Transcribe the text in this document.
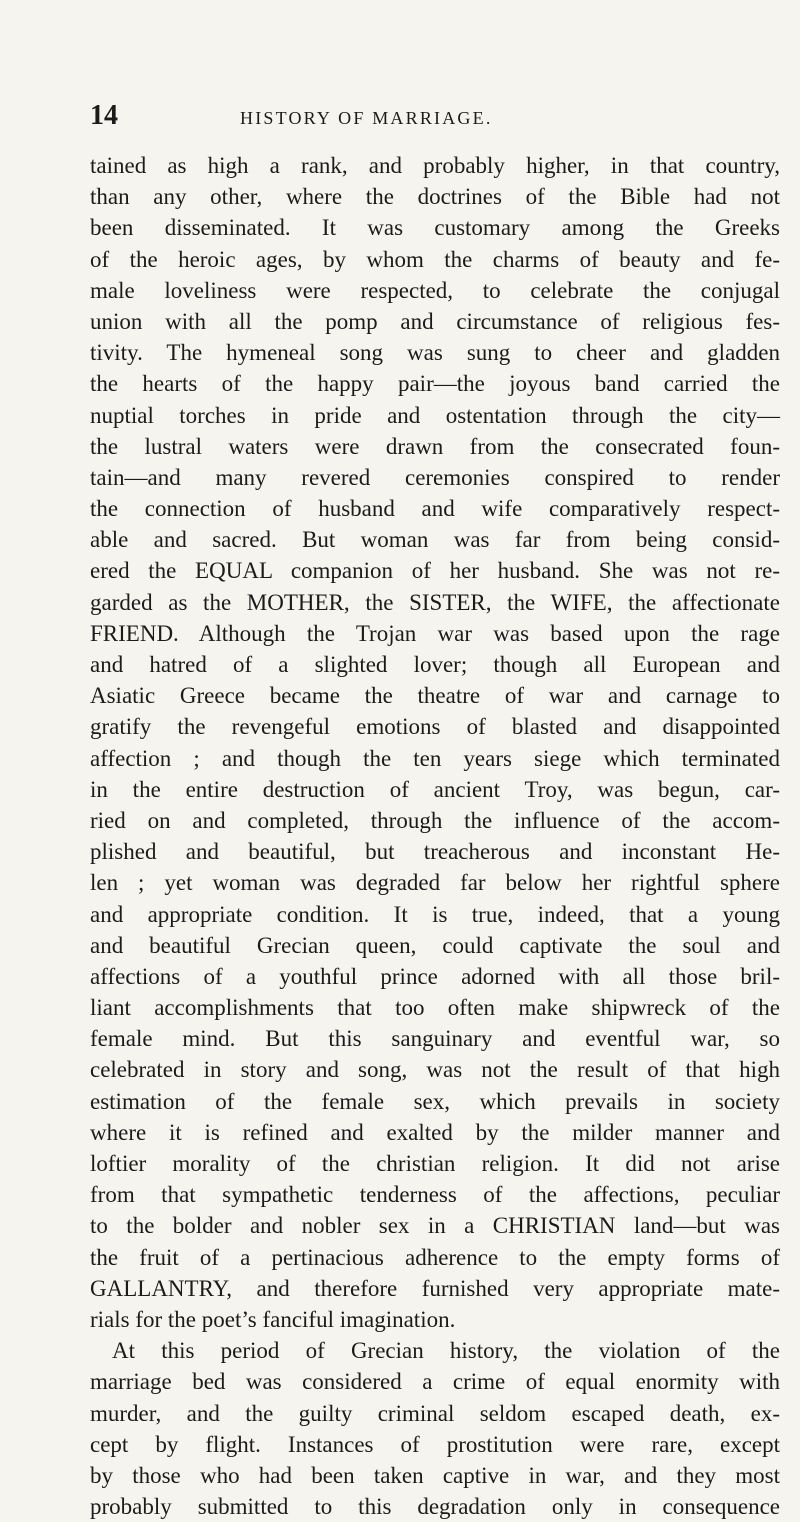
14	HISTORY OF MARRIAGE.
tained as high a rank, and probably higher, in that country,
than any other, where the doctrines of the Bible had not
been disseminated. It was customary among the Greeks
of the heroic ages, by whom the charms of beauty and fe-
male loveliness were respected, to celebrate the conjugal
union with all the pomp and circumstance of religious fes-
tivity. The hymeneal song was sung to cheer and gladden
the hearts of the happy pair—the joyous band carried the
nuptial torches in pride and ostentation through the city—
the lustral waters were drawn from the consecrated foun-
tain—and many revered ceremonies conspired to render
the connection of husband and wife comparatively respect-
able and sacred. But woman was far from being consid-
ered the EQUAL companion of her husband. She was not re-
garded as the MOTHER, the SISTER, the WIFE, the affectionate
FRIEND. Although the Trojan war was based upon the rage
and hatred of a slighted lover; though all European and
Asiatic Greece became the theatre of war and carnage to
gratify the revengeful emotions of blasted and disappointed
affection ; and though the ten years siege which terminated
in the entire destruction of ancient Troy, was begun, car-
ried on and completed, through the influence of the accom-
plished and beautiful, but treacherous and inconstant He-
len ; yet woman was degraded far below her rightful sphere
and appropriate condition. It is true, indeed, that a young
and beautiful Grecian queen, could captivate the soul and
affections of a youthful prince adorned with all those bril-
liant accomplishments that too often make shipwreck of the
female mind. But this sanguinary and eventful war, so
celebrated in story and song, was not the result of that high
estimation of the female sex, which prevails in society
where it is refined and exalted by the milder manner and
loftier morality of the christian religion. It did not arise
from that sympathetic tenderness of the affections, peculiar
to the bolder and nobler sex in a CHRISTIAN land—but was
the fruit of a pertinacious adherence to the empty forms of
GALLANTRY, and therefore furnished very appropriate mate-
rials for the poet’s fanciful imagination.
At this period of Grecian history, the violation of the
marriage bed was considered a crime of equal enormity with
murder, and the guilty criminal seldom escaped death, ex-
cept by flight. Instances of prostitution were rare, except
by those who had been taken captive in war, and they most
probably submitted to this degradation only in consequence
